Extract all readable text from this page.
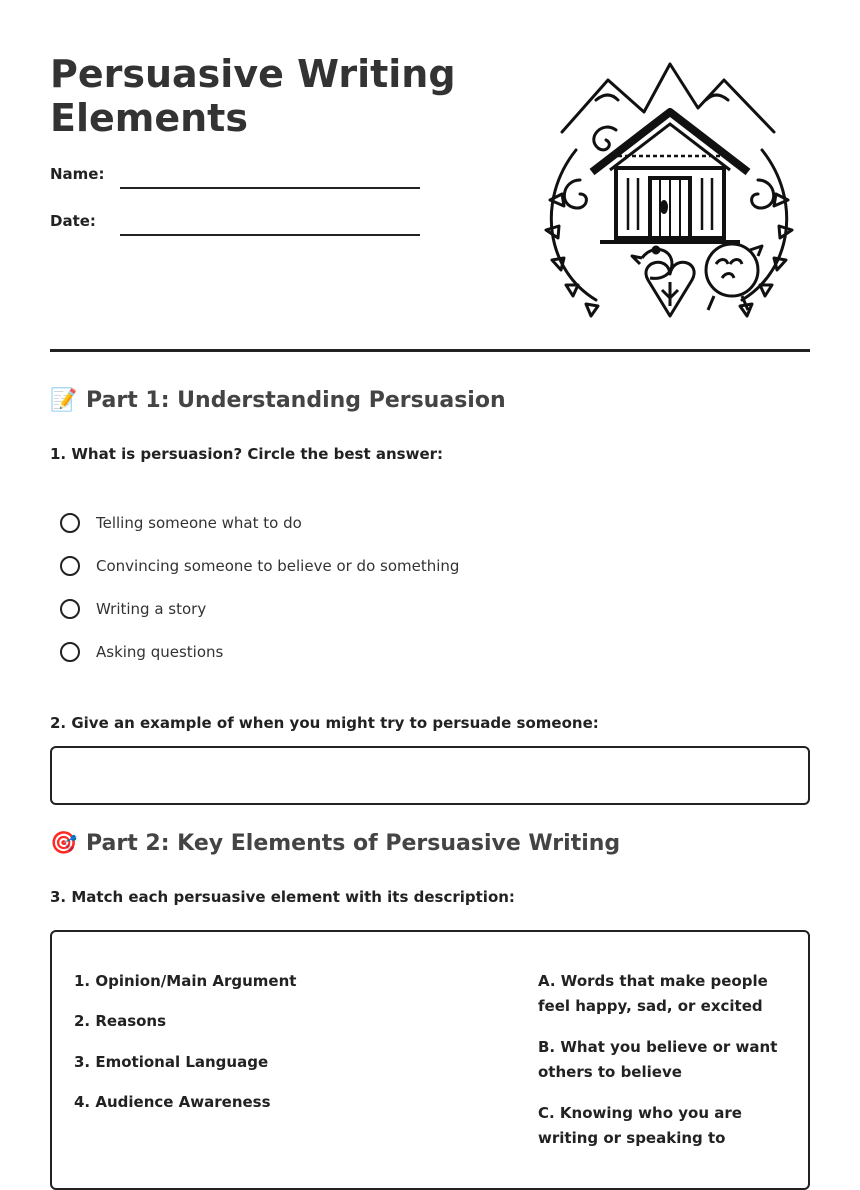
Persuasive Writing Elements
Name:
Date:
📝 Part 1: Understanding Persuasion
1. What is persuasion? Circle the best answer:
Telling someone what to do
Convincing someone to believe or do something
Writing a story
Asking questions
2. Give an example of when you might try to persuade someone:
🎯 Part 2: Key Elements of Persuasive Writing
3. Match each persuasive element with its description:
1. Opinion/Main Argument
2. Reasons
3. Emotional Language
4. Audience Awareness
A. Words that make people feel happy, sad, or excited
B. What you believe or want others to believe
C. Knowing who you are writing or speaking to
